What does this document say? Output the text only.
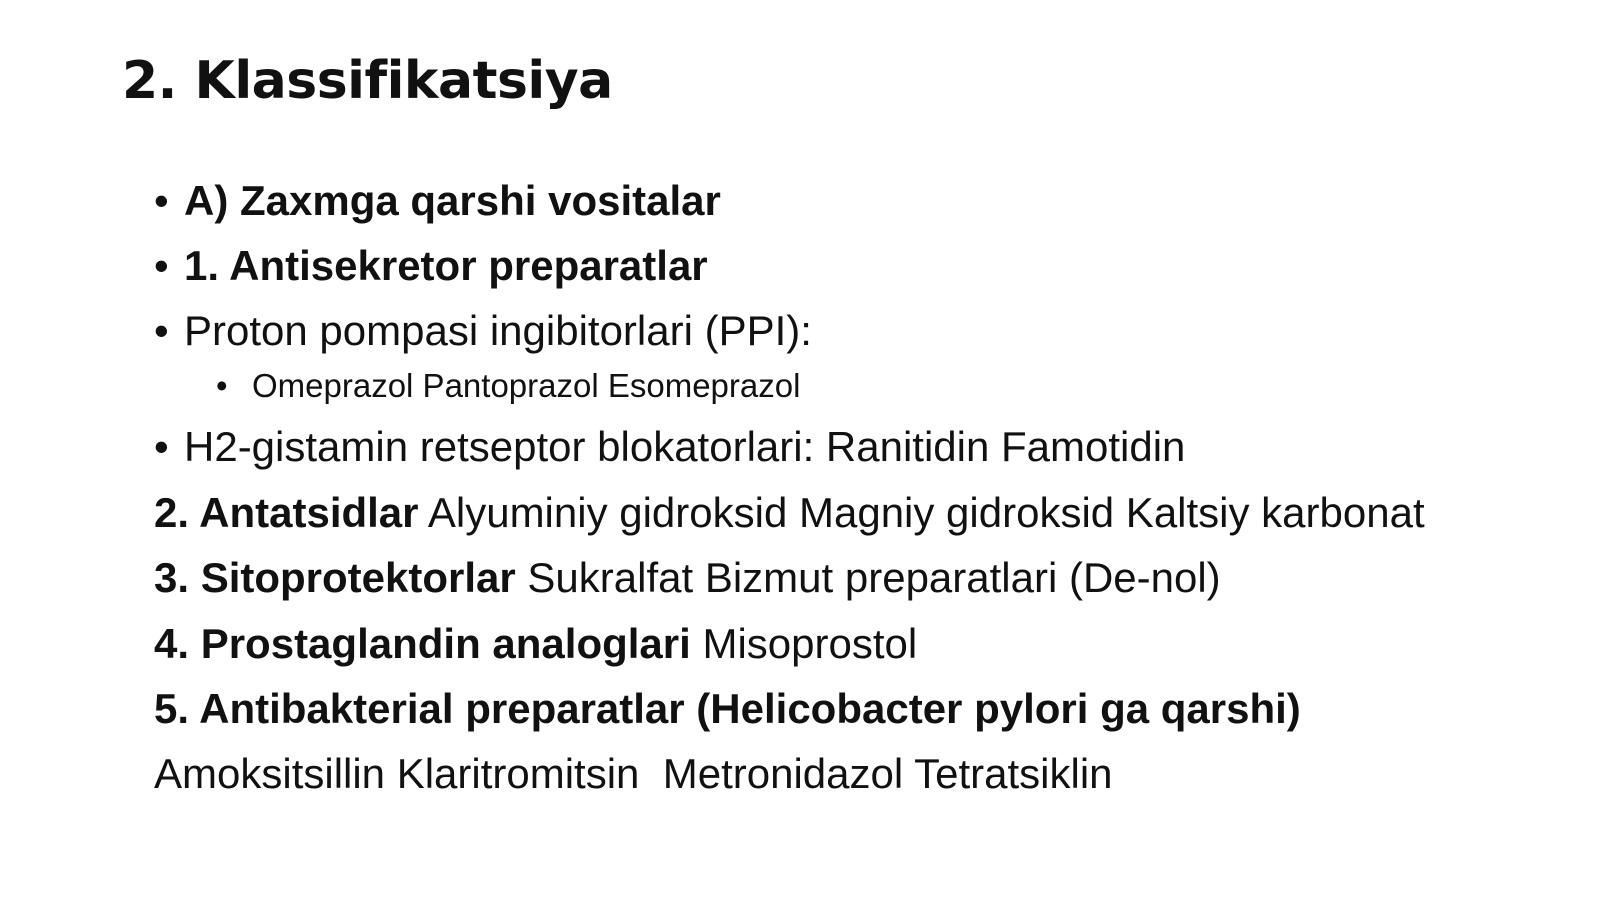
2. Klassifikatsiya
• A) Zaxmga qarshi vositalar
• 1. Antisekretor preparatlar
• Proton pompasi ingibitorlari (PPI):
• Omeprazol Pantoprazol Esomeprazol
• H2-gistamin retseptor blokatorlari: Ranitidin Famotidin
2. Antatsidlar Alyuminiy gidroksid Magniy gidroksid Kaltsiy karbonat
3. Sitoprotektorlar Sukralfat Bizmut preparatlari (De-nol)
4. Prostaglandin analoglari Misoprostol
5. Antibakterial preparatlar (Helicobacter pylori ga qarshi)
Amoksitsillin Klaritromitsin  Metronidazol Tetratsiklin
